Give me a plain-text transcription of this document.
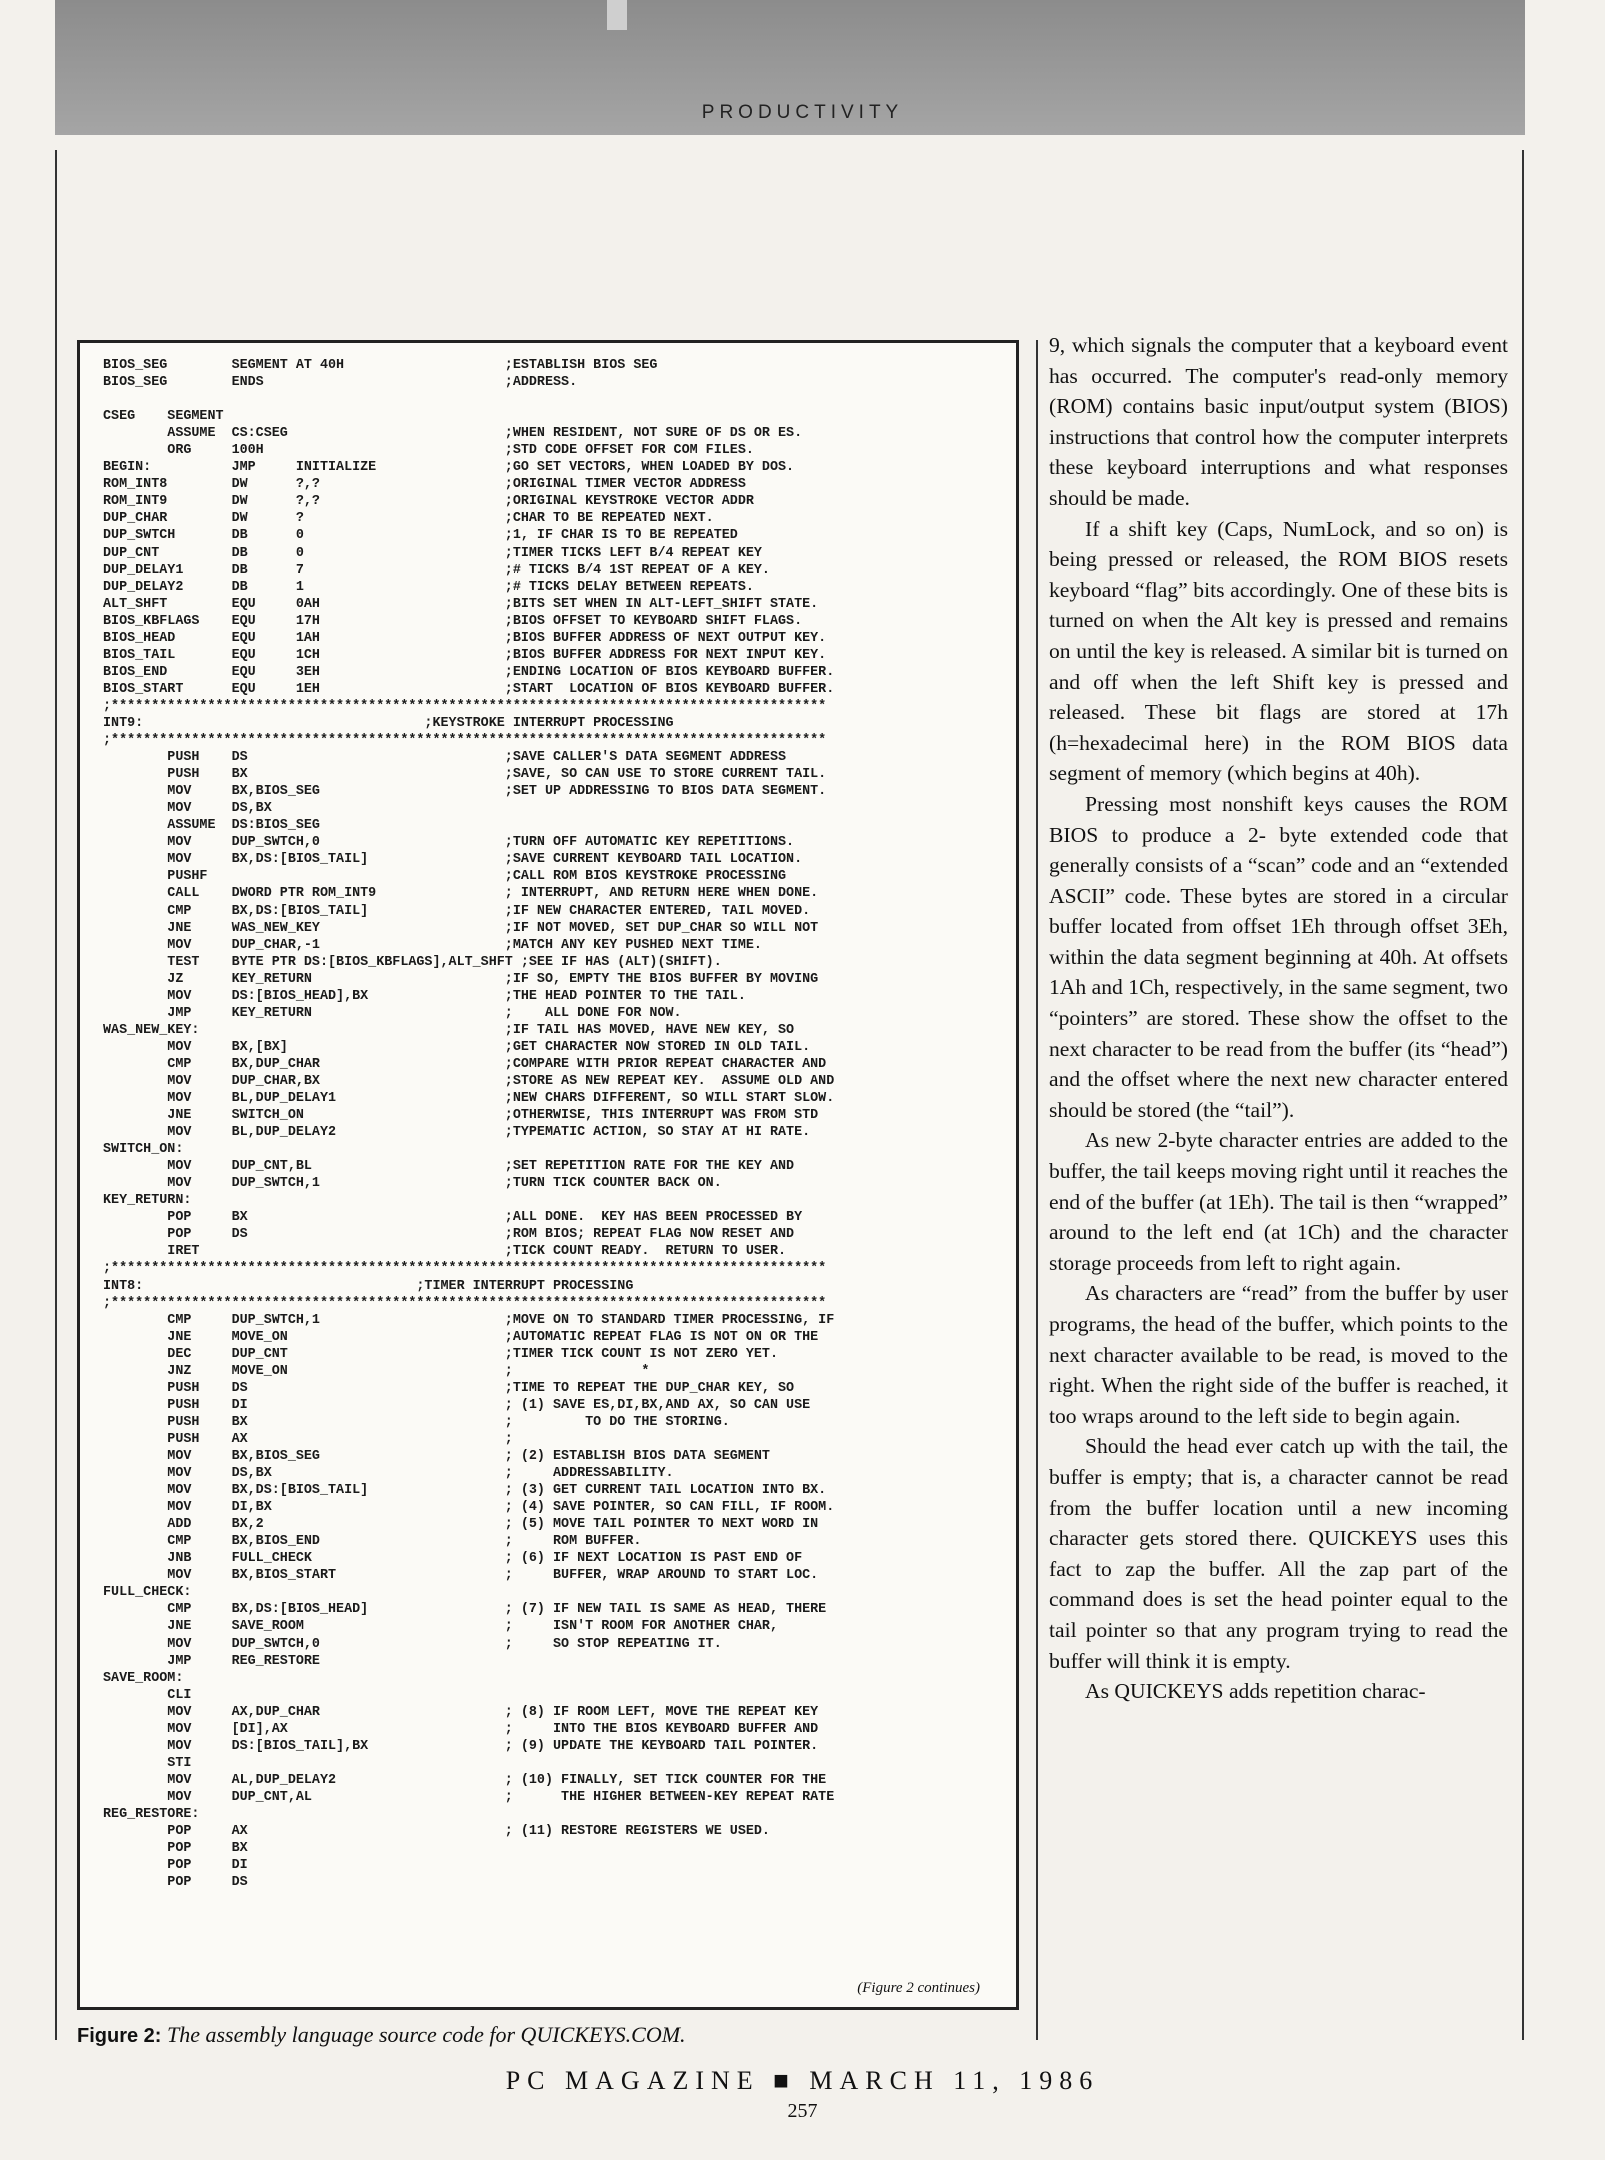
PRODUCTIVITY
BIOS_SEG        SEGMENT AT 40H                    ;ESTABLISH BIOS SEG
BIOS_SEG        ENDS                              ;ADDRESS.

CSEG    SEGMENT
ASSUME  CS:CSEG                           ;WHEN RESIDENT, NOT SURE OF DS OR ES.
ORG     100H                              ;STD CODE OFFSET FOR COM FILES.
BEGIN:          JMP     INITIALIZE                ;GO SET VECTORS, WHEN LOADED BY DOS.
ROM_INT8        DW      ?,?                       ;ORIGINAL TIMER VECTOR ADDRESS
ROM_INT9        DW      ?,?                       ;ORIGINAL KEYSTROKE VECTOR ADDR
DUP_CHAR        DW      ?                         ;CHAR TO BE REPEATED NEXT.
DUP_SWTCH       DB      0                         ;1, IF CHAR IS TO BE REPEATED
DUP_CNT         DB      0                         ;TIMER TICKS LEFT B/4 REPEAT KEY
DUP_DELAY1      DB      7                         ;# TICKS B/4 1ST REPEAT OF A KEY.
DUP_DELAY2      DB      1                         ;# TICKS DELAY BETWEEN REPEATS.
ALT_SHFT        EQU     0AH                       ;BITS SET WHEN IN ALT-LEFT_SHIFT STATE.
BIOS_KBFLAGS    EQU     17H                       ;BIOS OFFSET TO KEYBOARD SHIFT FLAGS.
BIOS_HEAD       EQU     1AH                       ;BIOS BUFFER ADDRESS OF NEXT OUTPUT KEY.
BIOS_TAIL       EQU     1CH                       ;BIOS BUFFER ADDRESS FOR NEXT INPUT KEY.
BIOS_END        EQU     3EH                       ;ENDING LOCATION OF BIOS KEYBOARD BUFFER.
BIOS_START      EQU     1EH                       ;START  LOCATION OF BIOS KEYBOARD BUFFER.
;*****************************************************************************************
INT9:                                   ;KEYSTROKE INTERRUPT PROCESSING
;*****************************************************************************************
PUSH    DS                                ;SAVE CALLER'S DATA SEGMENT ADDRESS
PUSH    BX                                ;SAVE, SO CAN USE TO STORE CURRENT TAIL.
MOV     BX,BIOS_SEG                       ;SET UP ADDRESSING TO BIOS DATA SEGMENT.
MOV     DS,BX
ASSUME  DS:BIOS_SEG
MOV     DUP_SWTCH,0                       ;TURN OFF AUTOMATIC KEY REPETITIONS.
MOV     BX,DS:[BIOS_TAIL]                 ;SAVE CURRENT KEYBOARD TAIL LOCATION.
PUSHF                                     ;CALL ROM BIOS KEYSTROKE PROCESSING
CALL    DWORD PTR ROM_INT9                ; INTERRUPT, AND RETURN HERE WHEN DONE.
CMP     BX,DS:[BIOS_TAIL]                 ;IF NEW CHARACTER ENTERED, TAIL MOVED.
JNE     WAS_NEW_KEY                       ;IF NOT MOVED, SET DUP_CHAR SO WILL NOT
MOV     DUP_CHAR,-1                       ;MATCH ANY KEY PUSHED NEXT TIME.
TEST    BYTE PTR DS:[BIOS_KBFLAGS],ALT_SHFT ;SEE IF HAS (ALT)(SHIFT).
JZ      KEY_RETURN                        ;IF SO, EMPTY THE BIOS BUFFER BY MOVING
MOV     DS:[BIOS_HEAD],BX                 ;THE HEAD POINTER TO THE TAIL.
JMP     KEY_RETURN                        ;    ALL DONE FOR NOW.
WAS_NEW_KEY:                                      ;IF TAIL HAS MOVED, HAVE NEW KEY, SO
MOV     BX,[BX]                           ;GET CHARACTER NOW STORED IN OLD TAIL.
CMP     BX,DUP_CHAR                       ;COMPARE WITH PRIOR REPEAT CHARACTER AND
MOV     DUP_CHAR,BX                       ;STORE AS NEW REPEAT KEY.  ASSUME OLD AND
MOV     BL,DUP_DELAY1                     ;NEW CHARS DIFFERENT, SO WILL START SLOW.
JNE     SWITCH_ON                         ;OTHERWISE, THIS INTERRUPT WAS FROM STD
MOV     BL,DUP_DELAY2                     ;TYPEMATIC ACTION, SO STAY AT HI RATE.
SWITCH_ON:
MOV     DUP_CNT,BL                        ;SET REPETITION RATE FOR THE KEY AND
MOV     DUP_SWTCH,1                       ;TURN TICK COUNTER BACK ON.
KEY_RETURN:
POP     BX                                ;ALL DONE.  KEY HAS BEEN PROCESSED BY
POP     DS                                ;ROM BIOS; REPEAT FLAG NOW RESET AND
IRET                                      ;TICK COUNT READY.  RETURN TO USER.
;*****************************************************************************************
INT8:                                  ;TIMER INTERRUPT PROCESSING
;*****************************************************************************************
CMP     DUP_SWTCH,1                       ;MOVE ON TO STANDARD TIMER PROCESSING, IF
JNE     MOVE_ON                           ;AUTOMATIC REPEAT FLAG IS NOT ON OR THE
DEC     DUP_CNT                           ;TIMER TICK COUNT IS NOT ZERO YET.
JNZ     MOVE_ON                           ;                *
PUSH    DS                                ;TIME TO REPEAT THE DUP_CHAR KEY, SO
PUSH    DI                                ; (1) SAVE ES,DI,BX,AND AX, SO CAN USE
PUSH    BX                                ;         TO DO THE STORING.
PUSH    AX                                ;
MOV     BX,BIOS_SEG                       ; (2) ESTABLISH BIOS DATA SEGMENT
MOV     DS,BX                             ;     ADDRESSABILITY.
MOV     BX,DS:[BIOS_TAIL]                 ; (3) GET CURRENT TAIL LOCATION INTO BX.
MOV     DI,BX                             ; (4) SAVE POINTER, SO CAN FILL, IF ROOM.
ADD     BX,2                              ; (5) MOVE TAIL POINTER TO NEXT WORD IN
CMP     BX,BIOS_END                       ;     ROM BUFFER.
JNB     FULL_CHECK                        ; (6) IF NEXT LOCATION IS PAST END OF
MOV     BX,BIOS_START                     ;     BUFFER, WRAP AROUND TO START LOC.
FULL_CHECK:
CMP     BX,DS:[BIOS_HEAD]                 ; (7) IF NEW TAIL IS SAME AS HEAD, THERE
JNE     SAVE_ROOM                         ;     ISN'T ROOM FOR ANOTHER CHAR,
MOV     DUP_SWTCH,0                       ;     SO STOP REPEATING IT.
JMP     REG_RESTORE
SAVE_ROOM:
CLI
MOV     AX,DUP_CHAR                       ; (8) IF ROOM LEFT, MOVE THE REPEAT KEY
MOV     [DI],AX                           ;     INTO THE BIOS KEYBOARD BUFFER AND
MOV     DS:[BIOS_TAIL],BX                 ; (9) UPDATE THE KEYBOARD TAIL POINTER.
STI
MOV     AL,DUP_DELAY2                     ; (10) FINALLY, SET TICK COUNTER FOR THE
MOV     DUP_CNT,AL                        ;      THE HIGHER BETWEEN-KEY REPEAT RATE
REG_RESTORE:
POP     AX                                ; (11) RESTORE REGISTERS WE USED.
POP     BX
POP     DI
POP     DS
(Figure 2 continues)
Figure 2: The assembly language source code for QUICKEYS.COM.

9, which signals the computer that a keyboard event has occurred. The computer's read-only memory (ROM) contains basic input/output system (BIOS) instructions that control how the computer interprets these keyboard interruptions and what responses should be made.

If a shift key (Caps, NumLock, and so on) is being pressed or released, the ROM BIOS resets keyboard “flag” bits accordingly. One of these bits is turned on when the Alt key is pressed and remains on until the key is released. A similar bit is turned on and off when the left Shift key is pressed and released. These bit flags are stored at 17h (h=hexadecimal here) in the ROM BIOS data segment of memory (which begins at 40h).

Pressing most nonshift keys causes the ROM BIOS to produce a 2- byte extended code that generally consists of a “scan” code and an “extended ASCII” code. These bytes are stored in a circular buffer located from offset 1Eh through offset 3Eh, within the data segment beginning at 40h. At offsets 1Ah and 1Ch, respectively, in the same segment, two “pointers” are stored. These show the offset to the next character to be read from the buffer (its “head”) and the offset where the next new character entered should be stored (the “tail”).

As new 2-byte character entries are added to the buffer, the tail keeps moving right until it reaches the end of the buffer (at 1Eh). The tail is then “wrapped” around to the left end (at 1Ch) and the character storage proceeds from left to right again.

As characters are “read” from the buffer by user programs, the head of the buffer, which points to the next character available to be read, is moved to the right. When the right side of the buffer is reached, it too wraps around to the left side to begin again.

Should the head ever catch up with the tail, the buffer is empty; that is, a character cannot be read from the buffer location until a new incoming character gets stored there. QUICKEYS uses this fact to zap the buffer. All the zap part of the command does is set the head pointer equal to the tail pointer so that any program trying to read the buffer will think it is empty.

As QUICKEYS adds repetition charac-

PC MAGAZINE ■ MARCH 11, 1986
257
